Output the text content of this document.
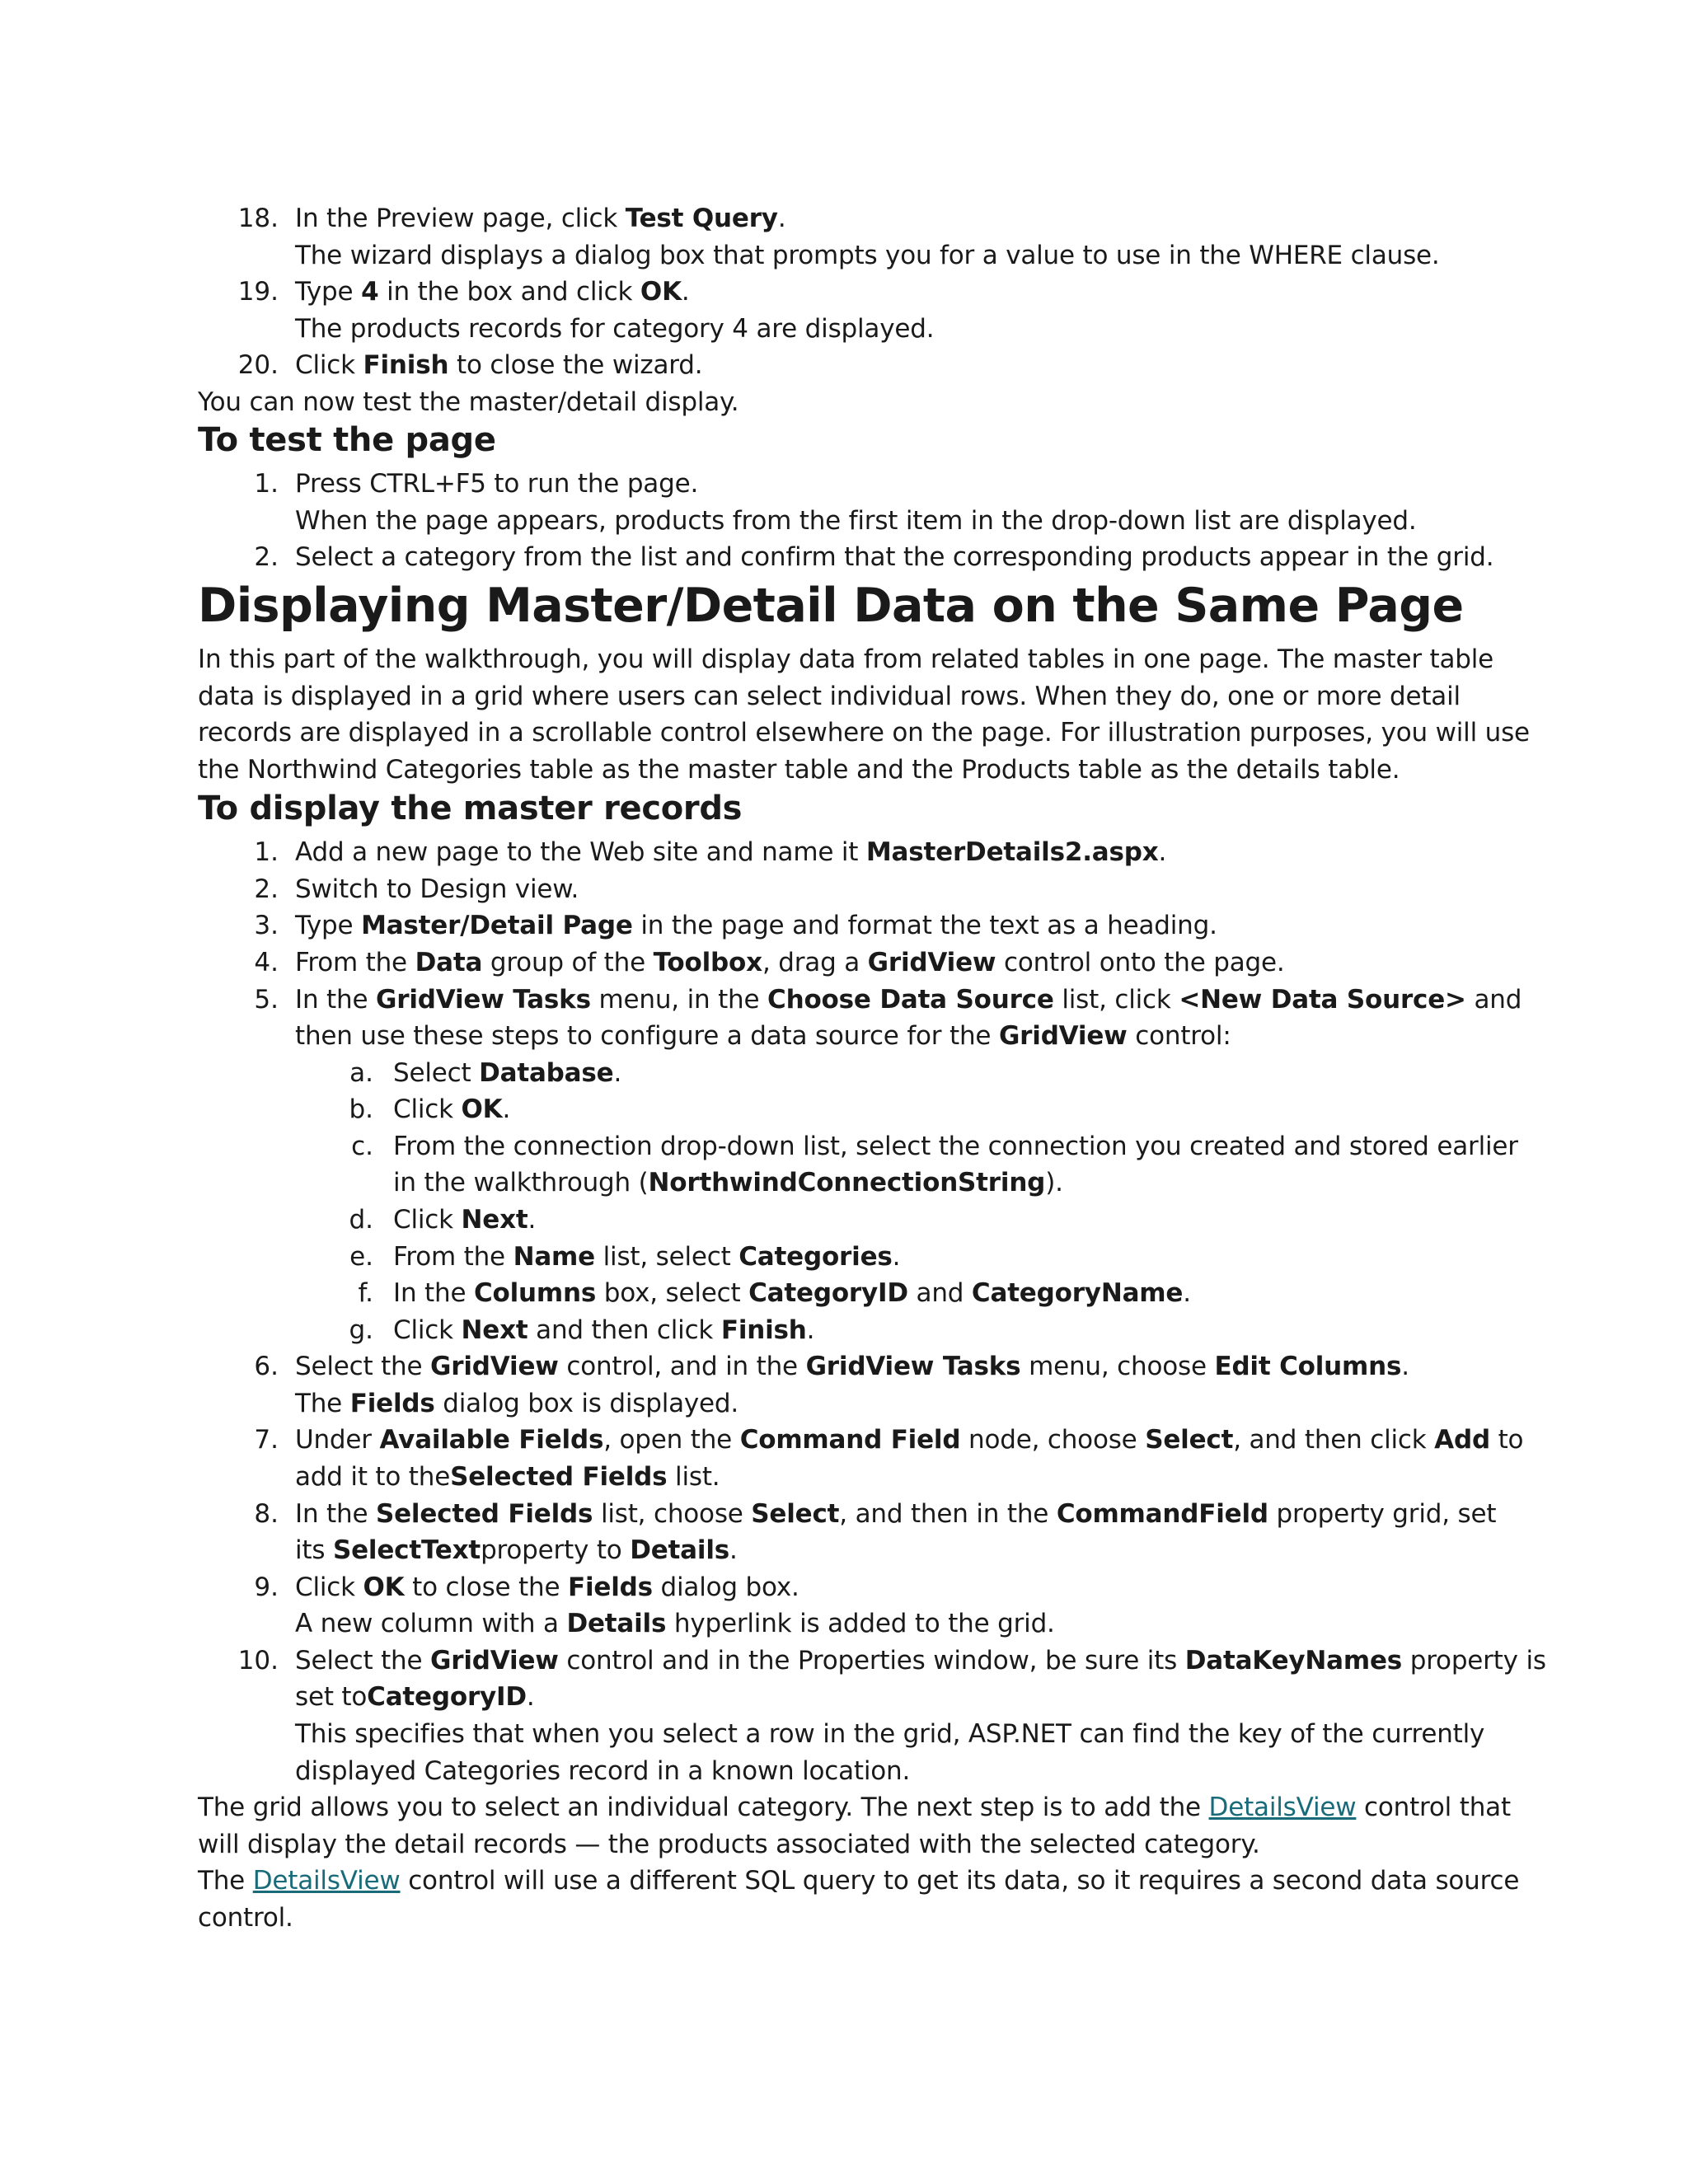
18. In the Preview page, click Test Query.
The wizard displays a dialog box that prompts you for a value to use in the WHERE clause.
19. Type 4 in the box and click OK.
The products records for category 4 are displayed.
20. Click Finish to close the wizard.
You can now test the master/detail display.
To test the page
1. Press CTRL+F5 to run the page.
When the page appears, products from the first item in the drop-down list are displayed.
2. Select a category from the list and confirm that the corresponding products appear in the grid.
Displaying Master/Detail Data on the Same Page
In this part of the walkthrough, you will display data from related tables in one page. The master table
data is displayed in a grid where users can select individual rows. When they do, one or more detail
records are displayed in a scrollable control elsewhere on the page. For illustration purposes, you will use
the Northwind Categories table as the master table and the Products table as the details table.
To display the master records
1. Add a new page to the Web site and name it MasterDetails2.aspx.
2. Switch to Design view.
3. Type Master/Detail Page in the page and format the text as a heading.
4. From the Data group of the Toolbox, drag a GridView control onto the page.
5. In the GridView Tasks menu, in the Choose Data Source list, click <New Data Source> and
then use these steps to configure a data source for the GridView control:
a. Select Database.
b. Click OK.
c. From the connection drop-down list, select the connection you created and stored earlier
in the walkthrough (NorthwindConnectionString).
d. Click Next.
e. From the Name list, select Categories.
f. In the Columns box, select CategoryID and CategoryName.
g. Click Next and then click Finish.
6. Select the GridView control, and in the GridView Tasks menu, choose Edit Columns.
The Fields dialog box is displayed.
7. Under Available Fields, open the Command Field node, choose Select, and then click Add to
add it to theSelected Fields list.
8. In the Selected Fields list, choose Select, and then in the CommandField property grid, set
its SelectTextproperty to Details.
9. Click OK to close the Fields dialog box.
A new column with a Details hyperlink is added to the grid.
10. Select the GridView control and in the Properties window, be sure its DataKeyNames property is
set toCategoryID.
This specifies that when you select a row in the grid, ASP.NET can find the key of the currently
displayed Categories record in a known location.
The grid allows you to select an individual category. The next step is to add the DetailsView control that
will display the detail records — the products associated with the selected category.
The DetailsView control will use a different SQL query to get its data, so it requires a second data source
control.
